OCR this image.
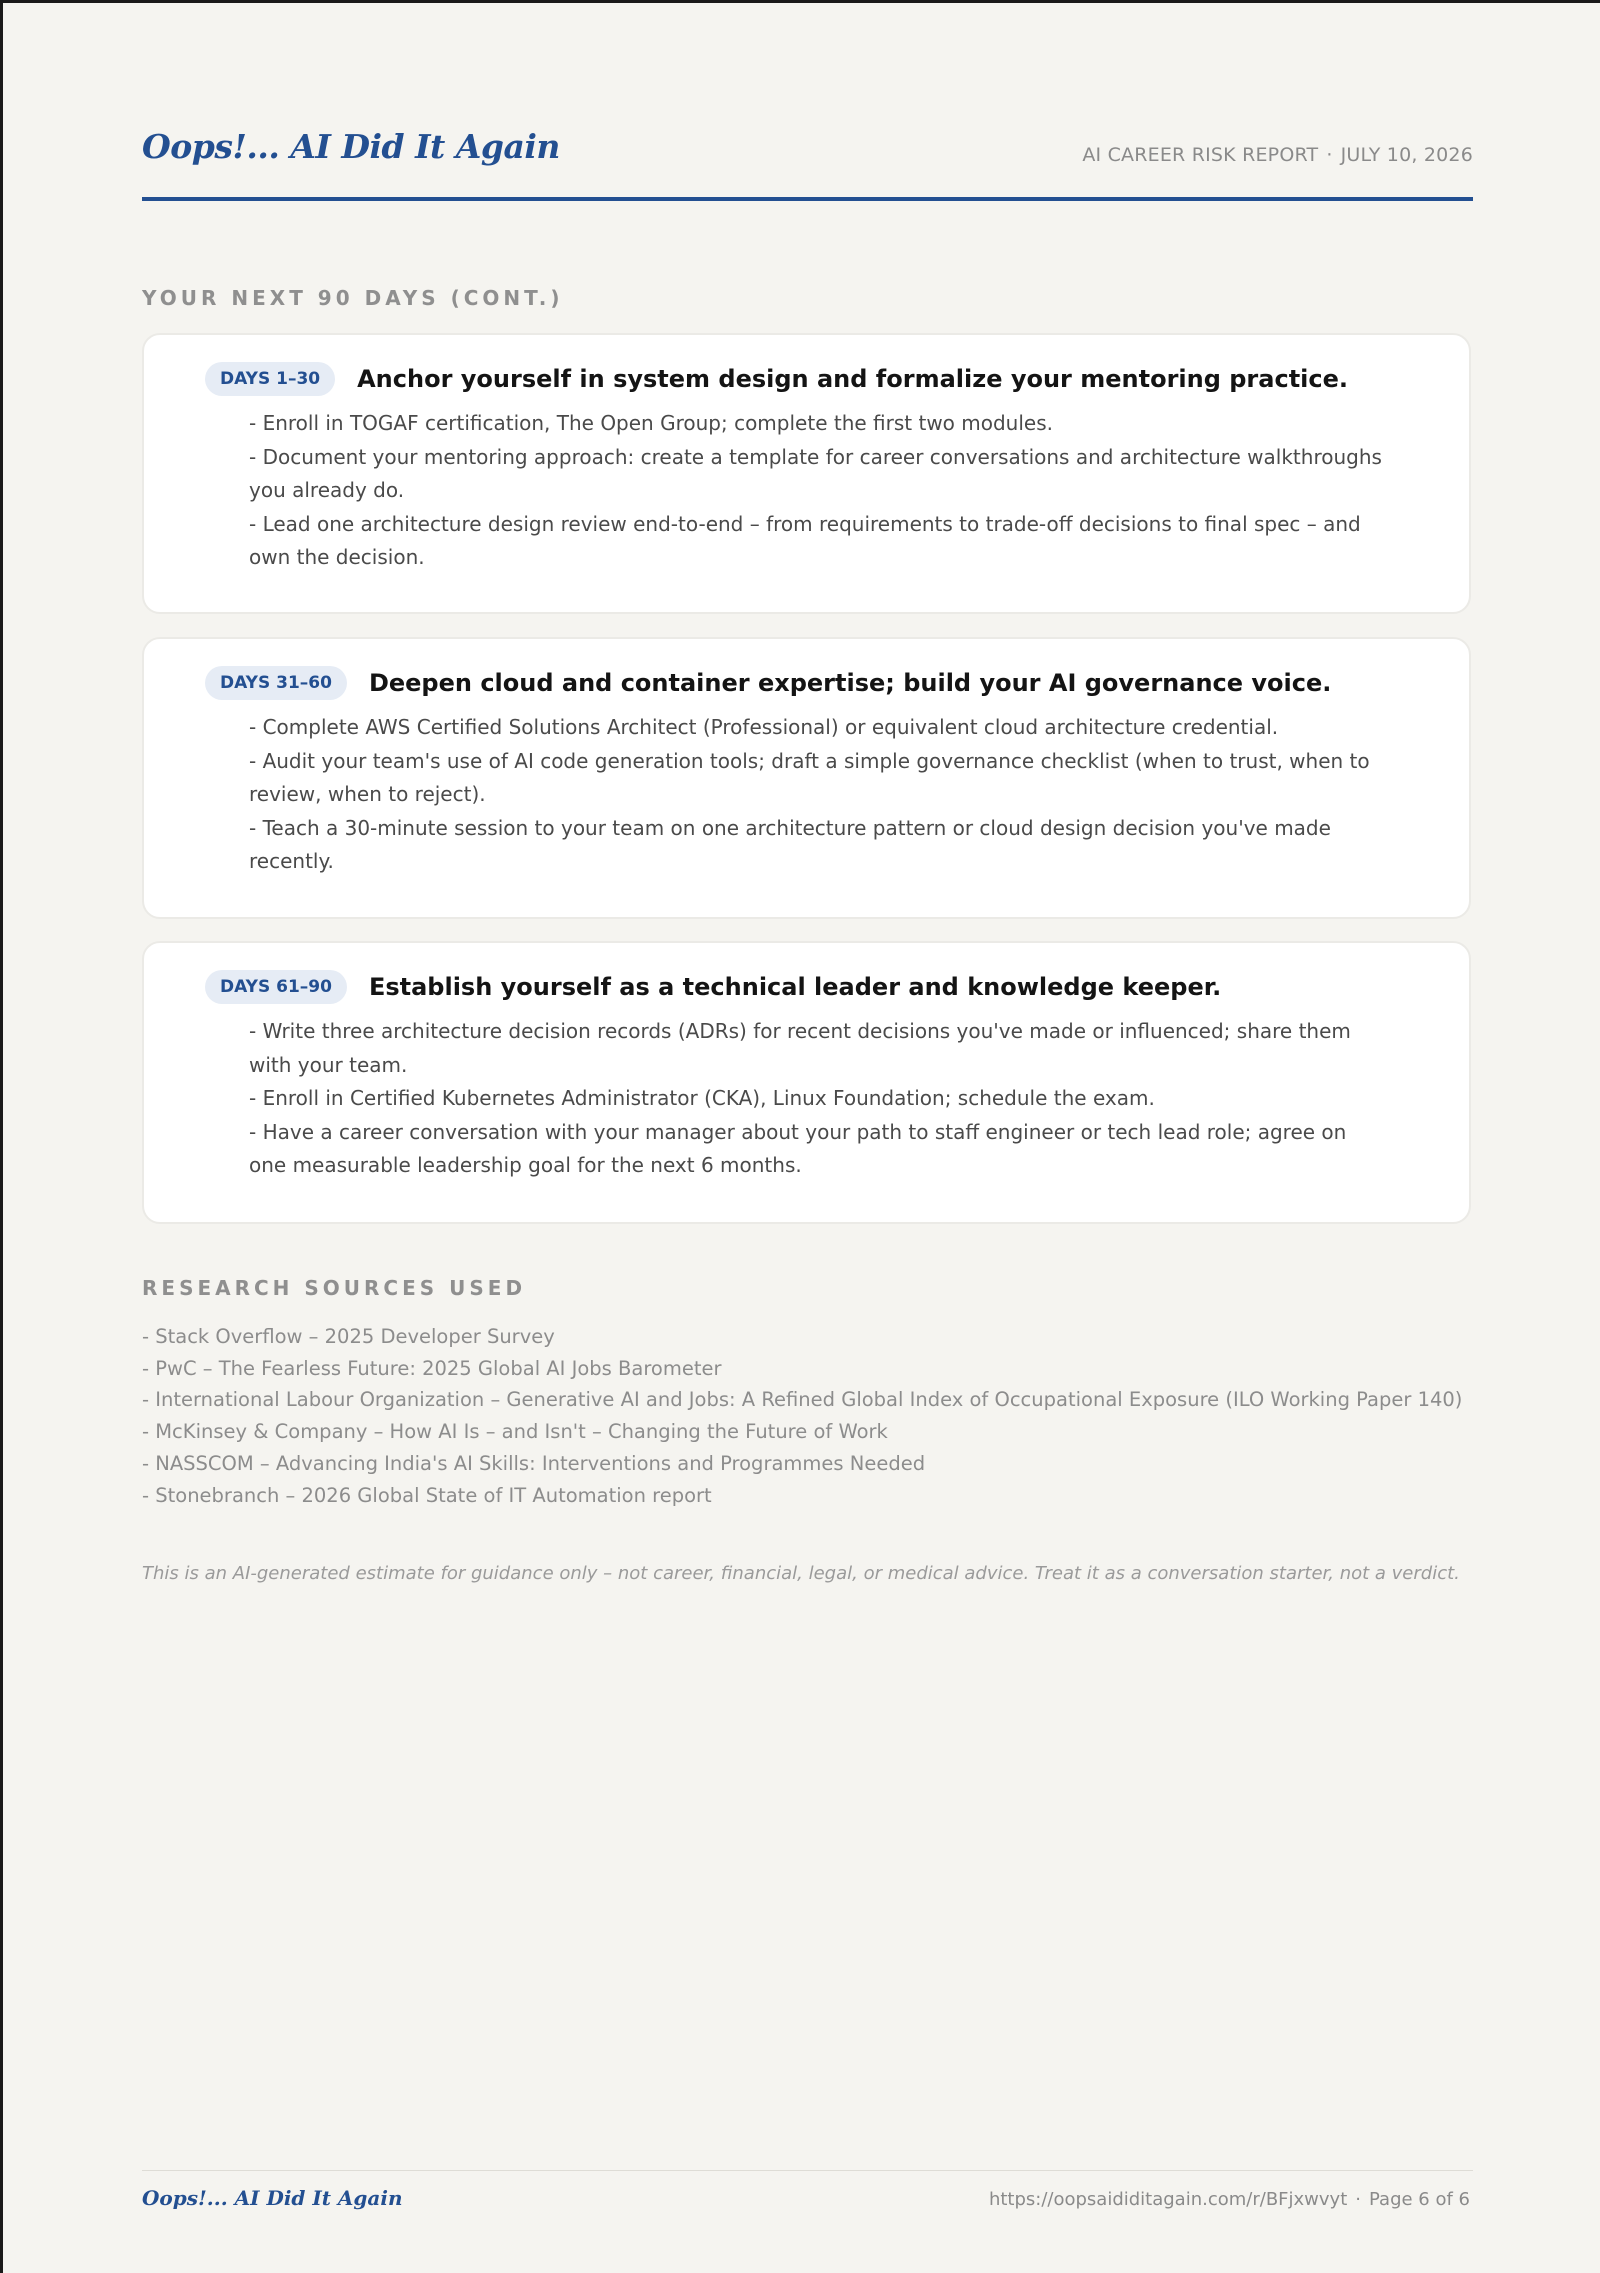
Oops!... AI Did It Again	AI CAREER RISK REPORT · JULY 10, 2026
YOUR NEXT 90 DAYS (CONT.)
DAYS 1–30	Anchor yourself in system design and formalize your mentoring practice.
- Enroll in TOGAF certification, The Open Group; complete the first two modules.
- Document your mentoring approach: create a template for career conversations and architecture walkthroughs you already do.
- Lead one architecture design review end-to-end – from requirements to trade-off decisions to final spec – and own the decision.
DAYS 31–60	Deepen cloud and container expertise; build your AI governance voice.
- Complete AWS Certified Solutions Architect (Professional) or equivalent cloud architecture credential.
- Audit your team's use of AI code generation tools; draft a simple governance checklist (when to trust, when to review, when to reject).
- Teach a 30-minute session to your team on one architecture pattern or cloud design decision you've made recently.
DAYS 61–90	Establish yourself as a technical leader and knowledge keeper.
- Write three architecture decision records (ADRs) for recent decisions you've made or influenced; share them with your team.
- Enroll in Certified Kubernetes Administrator (CKA), Linux Foundation; schedule the exam.
- Have a career conversation with your manager about your path to staff engineer or tech lead role; agree on one measurable leadership goal for the next 6 months.
RESEARCH SOURCES USED
- Stack Overflow – 2025 Developer Survey
- PwC – The Fearless Future: 2025 Global AI Jobs Barometer
- International Labour Organization – Generative AI and Jobs: A Refined Global Index of Occupational Exposure (ILO Working Paper 140)
- McKinsey & Company – How AI Is – and Isn't – Changing the Future of Work
- NASSCOM – Advancing India's AI Skills: Interventions and Programmes Needed
- Stonebranch – 2026 Global State of IT Automation report
This is an AI-generated estimate for guidance only – not career, financial, legal, or medical advice. Treat it as a conversation starter, not a verdict.
Oops!... AI Did It Again	https://oopsaididitagain.com/r/BFjxwvyt · Page 6 of 6
